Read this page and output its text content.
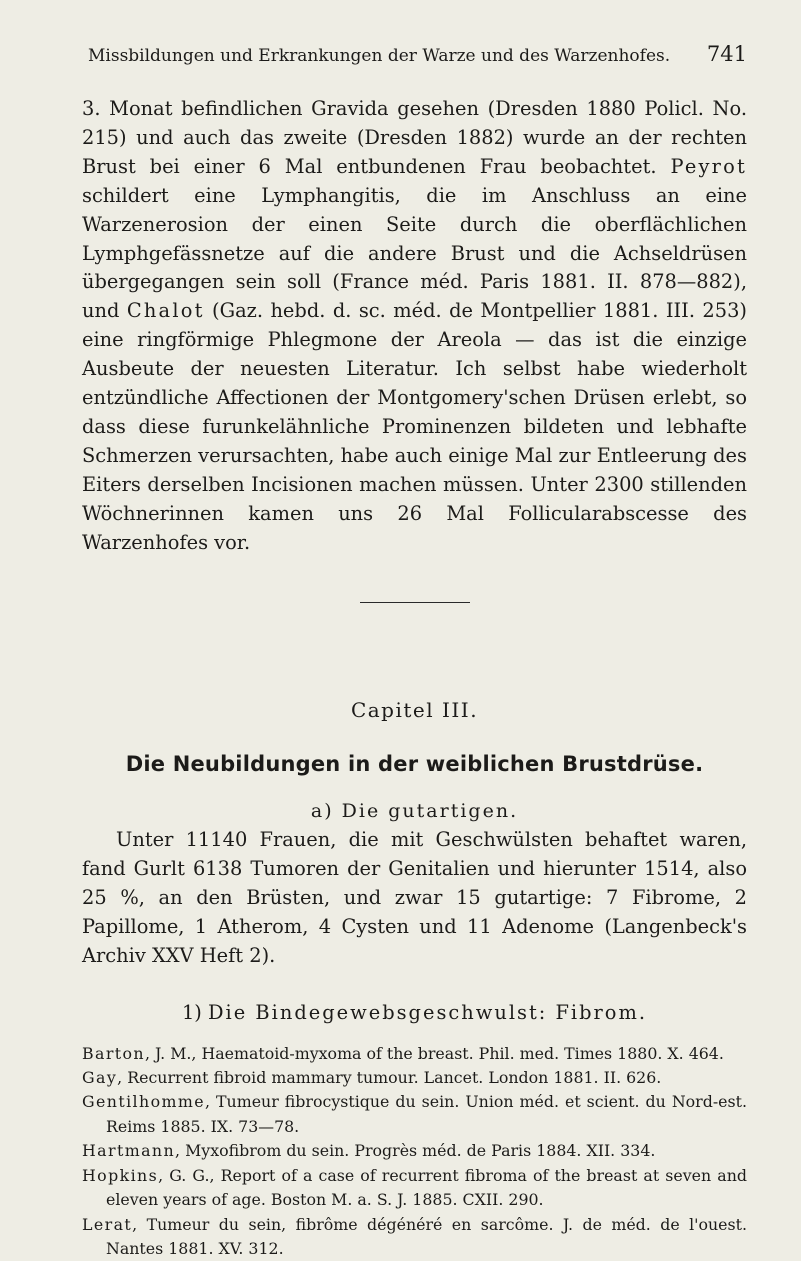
Missbildungen und Erkrankungen der Warze und des Warzenhofes. 741

3. Monat befindlichen Gravida gesehen (Dresden 1880 Policl. No. 215) und auch das zweite (Dresden 1882) wurde an der rechten Brust bei einer 6 Mal entbundenen Frau beobachtet. Peyrot schildert eine Lymphangitis, die im Anschluss an eine Warzenerosion der einen Seite durch die oberflächlichen Lymphgefässnetze auf die andere Brust und die Achseldrüsen übergegangen sein soll (France méd. Paris 1881. II. 878—882), und Chalot (Gaz. hebd. d. sc. méd. de Montpellier 1881. III. 253) eine ringförmige Phlegmone der Areola — das ist die einzige Ausbeute der neuesten Literatur. Ich selbst habe wiederholt entzündliche Affectionen der Montgomery'schen Drüsen erlebt, so dass diese furunkelähnliche Prominenzen bildeten und lebhafte Schmerzen verursachten, habe auch einige Mal zur Entleerung des Eiters derselben Incisionen machen müssen. Unter 2300 stillenden Wöchnerinnen kamen uns 26 Mal Follicularabscesse des Warzenhofes vor.

Capitel III.
Die Neubildungen in der weiblichen Brustdrüse.
a) Die gutartigen.

Unter 11140 Frauen, die mit Geschwülsten behaftet waren, fand Gurlt 6138 Tumoren der Genitalien und hierunter 1514, also 25 %, an den Brüsten, und zwar 15 gutartige: 7 Fibrome, 2 Papillome, 1 Atherom, 4 Cysten und 11 Adenome (Langenbeck's Archiv XXV Heft 2).

1) Die Bindegewebsgeschwulst: Fibrom.
Barton, J. M., Haematoid-myxoma of the breast. Phil. med. Times 1880. X. 464.
Gay, Recurrent fibroid mammary tumour. Lancet. London 1881. II. 626.
Gentilhomme, Tumeur fibrocystique du sein. Union méd. et scient. du Nord-est. Reims 1885. IX. 73—78.
Hartmann, Myxofibrom du sein. Progrès méd. de Paris 1884. XII. 334.
Hopkins, G. G., Report of a case of recurrent fibroma of the breast at seven and eleven years of age. Boston M. a. S. J. 1885. CXII. 290.
Lerat, Tumeur du sein, fibrôme dégénéré en sarcôme. J. de méd. de l'ouest. Nantes 1881. XV. 312.
